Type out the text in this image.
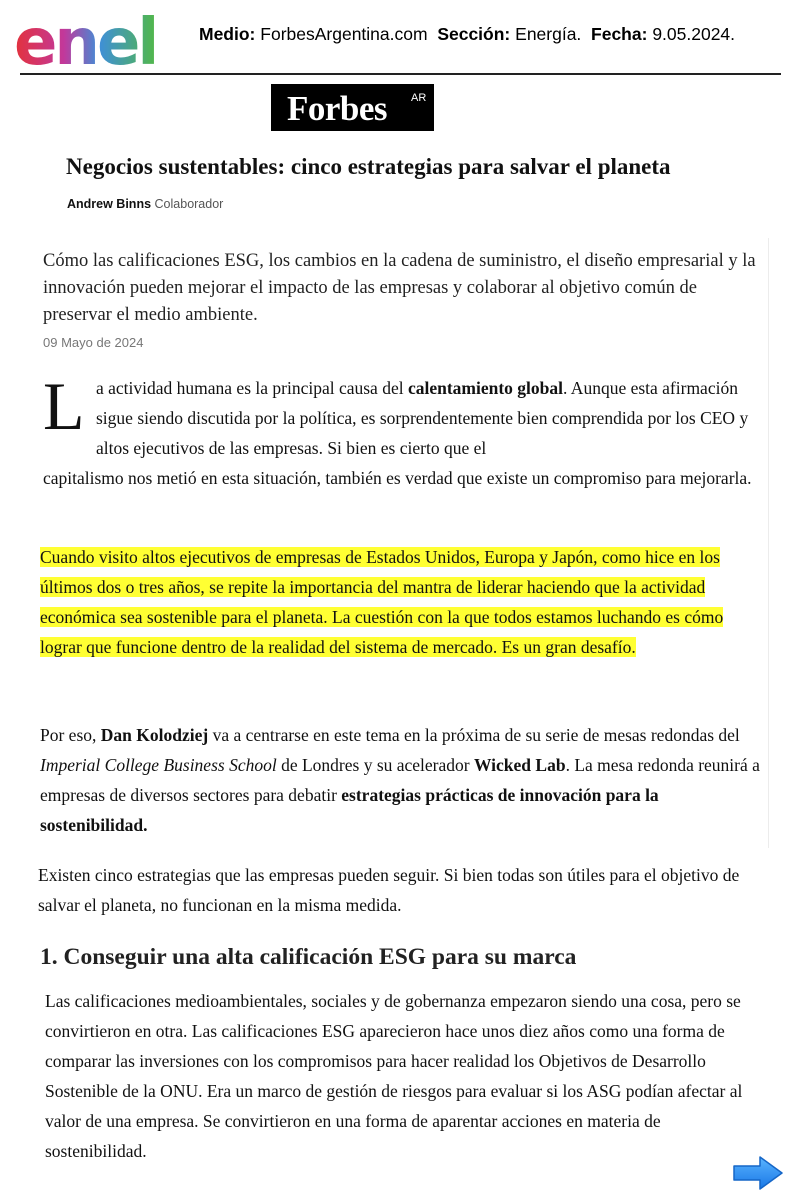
enel Medio: ForbesArgentina.com Sección: Energía. Fecha: 9.05.2024.
Forbes AR
Negocios sustentables: cinco estrategias para salvar el planeta
Andrew Binns Colaborador

Cómo las calificaciones ESG, los cambios en la cadena de suministro, el diseño empresarial y la innovación pueden mejorar el impacto de las empresas y colaborar al objetivo común de preservar el medio ambiente.

09 Mayo de 2024
L a actividad humana es la principal causa del calentamiento global. Aunque esta afirmación sigue siendo discutida por la política, es sorprendentemente bien comprendida por los CEO y altos ejecutivos de las empresas. Si bien es cierto que el

capitalismo nos metió en esta situación, también es verdad que existe un compromiso para mejorarla.

Cuando visito altos ejecutivos de empresas de Estados Unidos, Europa y Japón, como hice en los últimos dos o tres años, se repite la importancia del mantra de liderar haciendo que la actividad económica sea sostenible para el planeta. La cuestión con la que todos estamos luchando es cómo lograr que funcione dentro de la realidad del sistema de mercado. Es un gran desafío.

Por eso, Dan Kolodziej va a centrarse en este tema en la próxima de su serie de mesas redondas del Imperial College Business School de Londres y su acelerador Wicked Lab. La mesa redonda reunirá a empresas de diversos sectores para debatir estrategias prácticas de innovación para la sostenibilidad.

Existen cinco estrategias que las empresas pueden seguir. Si bien todas son útiles para el objetivo de salvar el planeta, no funcionan en la misma medida.

1. Conseguir una alta calificación ESG para su marca

Las calificaciones medioambientales, sociales y de gobernanza empezaron siendo una cosa, pero se convirtieron en otra. Las calificaciones ESG aparecieron hace unos diez años como una forma de comparar las inversiones con los compromisos para hacer realidad los Objetivos de Desarrollo Sostenible de la ONU. Era un marco de gestión de riesgos para evaluar si los ASG podían afectar al valor de una empresa. Se convirtieron en una forma de aparentar acciones en materia de sostenibilidad.
